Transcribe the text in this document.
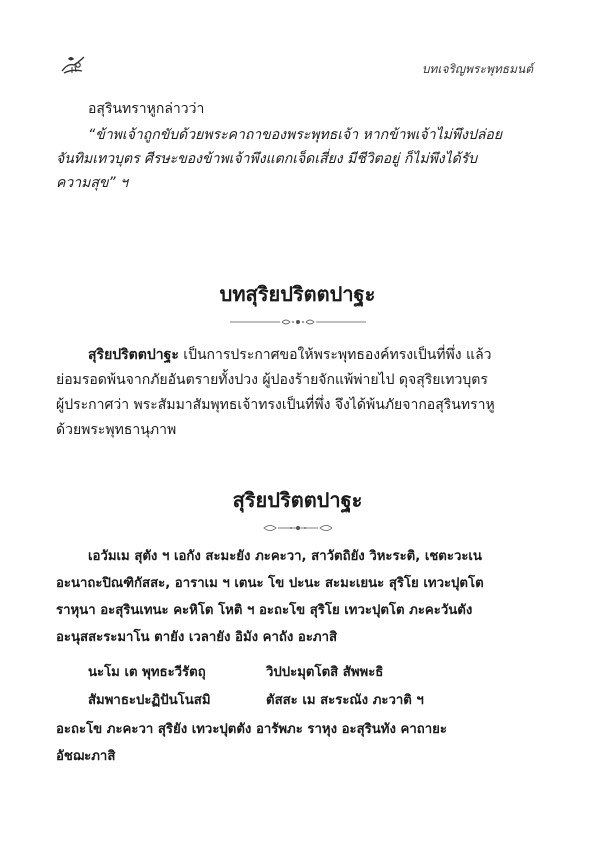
บทเจริญพระพุทธมนต์
อสุรินทราหูกล่าวว่า
“ข้าพเจ้าถูกขับด้วยพระคาถาของพระพุทธเจ้า หากข้าพเจ้าไม่พึงปล่อย
จันทิมเทวบุตร ศีรษะของข้าพเจ้าพึงแตกเจ็ดเสี่ยง มีชีวิตอยู่ ก็ไม่พึงได้รับ
ความสุข” ฯ
บทสุริยปริตตปาฐะ
สุริยปริตตปาฐะ เป็นการประกาศขอให้พระพุทธองค์ทรงเป็นที่พึ่ง แล้ว
ย่อมรอดพ้นจากภัยอันตรายทั้งปวง ผู้ปองร้ายจักแพ้พ่ายไป ดุจสุริยเทวบุตร
ผู้ประกาศว่า พระสัมมาสัมพุทธเจ้าทรงเป็นที่พึ่ง จึงได้พ้นภัยจากอสุรินทราหู
ด้วยพระพุทธานุภาพ
สุริยปริตตปาฐะ
เอวัมเม สุตัง ฯ เอกัง สะมะยัง ภะคะวา, สาวัตถิยัง วิหะระติ, เชตะวะเน
อะนาถะปิณฑิกัสสะ, อาราเม ฯ เตนะ โข ปะนะ สะมะเยนะ สุริโย เทวะปุตโต
ราหุนา อะสุรินเทนะ คะหิโต โหติ ฯ อะถะโข สุริโย เทวะปุตโต ภะคะวันตัง
อะนุสสะระมาโน ตายัง เวลายัง อิมัง คาถัง อะภาสิ
นะโม เต พุทธะวีรัตถุ	วิปปะมุตโตสิ สัพพะธิ
สัมพาธะปะฏิปันโนสมิ	ตัสสะ เม สะระณัง ภะวาติ ฯ
อะถะโข ภะคะวา สุริยัง เทวะปุตตัง อารัพภะ ราหุง อะสุรินทัง คาถายะ
อัชฌะภาสิ
